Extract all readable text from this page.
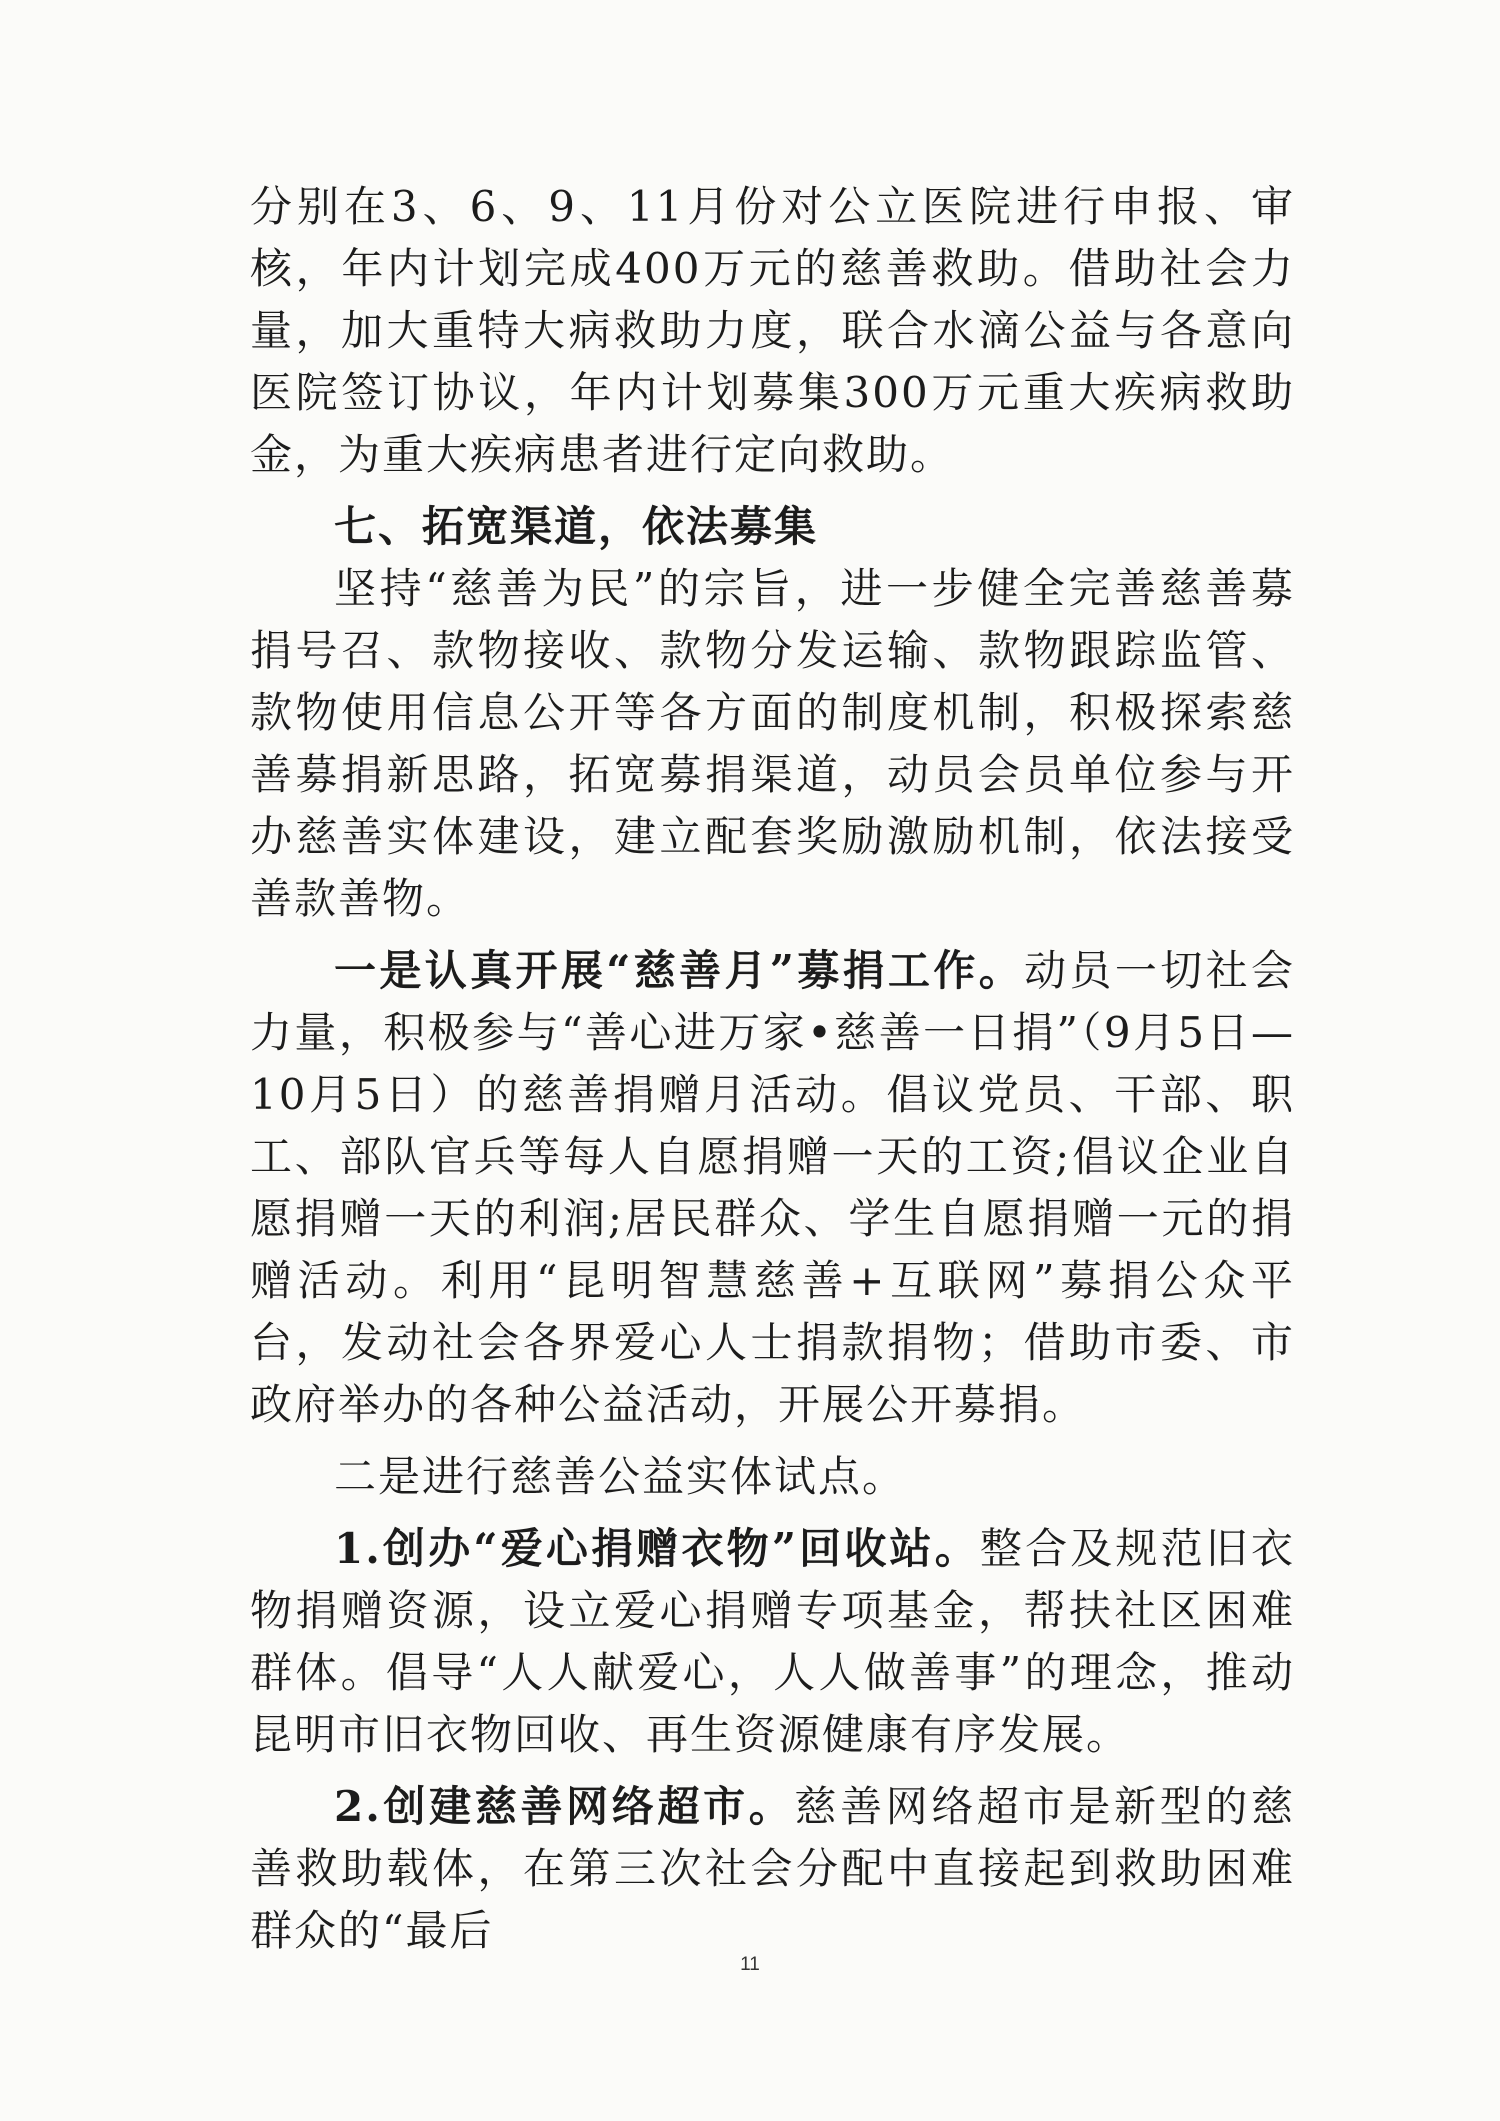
分别在3、6、9、11月份对公立医院进行申报、审核，年内计划完成400万元的慈善救助。借助社会力量，加大重特大病救助力度，联合水滴公益与各意向医院签订协议，年内计划募集300万元重大疾病救助金，为重大疾病患者进行定向救助。

七、拓宽渠道，依法募集

坚持“慈善为民”的宗旨，进一步健全完善慈善募捐号召、款物接收、款物分发运输、款物跟踪监管、款物使用信息公开等各方面的制度机制，积极探索慈善募捐新思路，拓宽募捐渠道，动员会员单位参与开办慈善实体建设，建立配套奖励激励机制，依法接受善款善物。

一是认真开展“慈善月”募捐工作。动员一切社会力量，积极参与“善心进万家•慈善一日捐”（9月5日—10月5日）的慈善捐赠月活动。倡议党员、干部、职工、部队官兵等每人自愿捐赠一天的工资;倡议企业自愿捐赠一天的利润;居民群众、学生自愿捐赠一元的捐赠活动。利用“昆明智慧慈善+互联网”募捐公众平台，发动社会各界爱心人士捐款捐物；借助市委、市政府举办的各种公益活动，开展公开募捐。

二是进行慈善公益实体试点。

1.创办“爱心捐赠衣物”回收站。整合及规范旧衣物捐赠资源，设立爱心捐赠专项基金，帮扶社区困难群体。倡导“人人献爱心，人人做善事”的理念，推动昆明市旧衣物回收、再生资源健康有序发展。

2.创建慈善网络超市。慈善网络超市是新型的慈善救助载体，在第三次社会分配中直接起到救助困难群众的“最后

11
